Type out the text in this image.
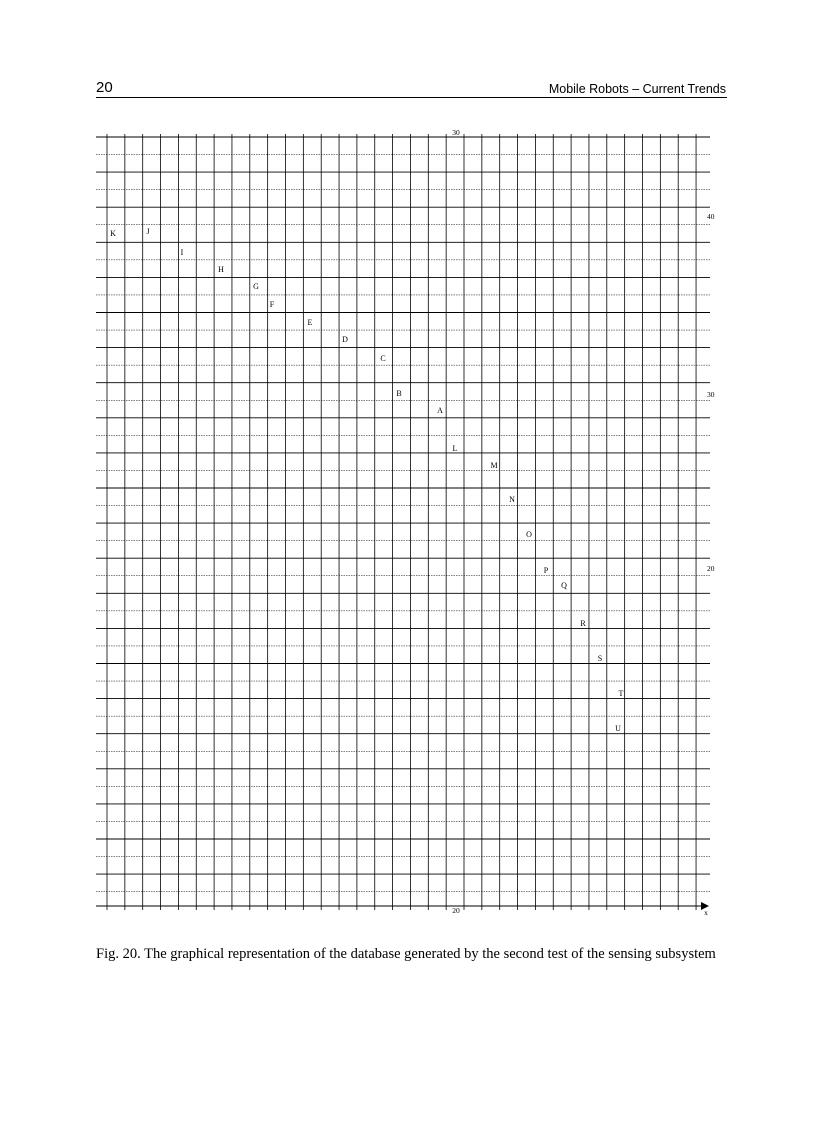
20	Mobile Robots – Current Trends
30
20	x
40
30
20
K	J
I
H
G
F
E
D
C
B
A
L
M
N
O
P
Q
R
S
T
U
Fig. 20. The graphical representation of the database generated by the second test of the sensing subsystem
